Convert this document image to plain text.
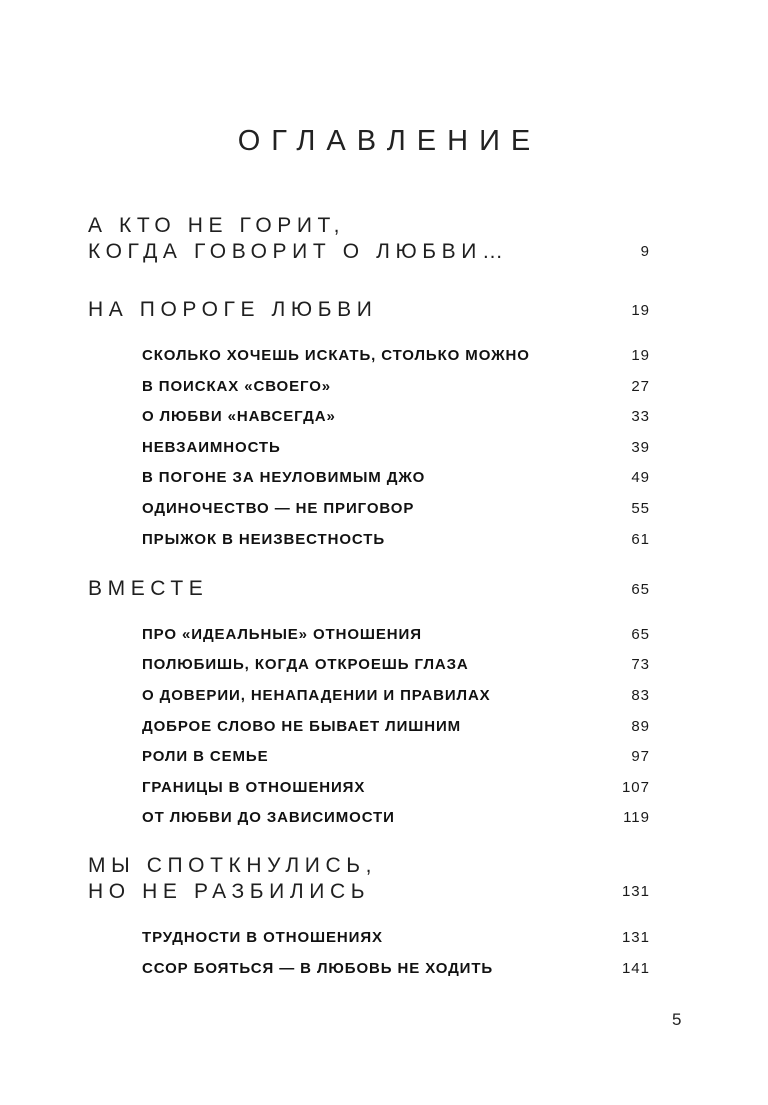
ОГЛАВЛЕНИЕ
А КТО НЕ ГОРИТ,
КОГДА ГОВОРИТ О ЛЮБВИ…	9
НА ПОРОГЕ ЛЮБВИ	19
СКОЛЬКО ХОЧЕШЬ ИСКАТЬ, СТОЛЬКО МОЖНО	19
В ПОИСКАХ «СВОЕГО»	27
О ЛЮБВИ «НАВСЕГДА»	33
НЕВЗАИМНОСТЬ	39
В ПОГОНЕ ЗА НЕУЛОВИМЫМ ДЖО	49
ОДИНОЧЕСТВО — НЕ ПРИГОВОР	55
ПРЫЖОК В НЕИЗВЕСТНОСТЬ	61
ВМЕСТЕ	65
ПРО «ИДЕАЛЬНЫЕ» ОТНОШЕНИЯ	65
ПОЛЮБИШЬ, КОГДА ОТКРОЕШЬ ГЛАЗА	73
О ДОВЕРИИ, НЕНАПАДЕНИИ И ПРАВИЛАХ	83
ДОБРОЕ СЛОВО НЕ БЫВАЕТ ЛИШНИМ	89
РОЛИ В СЕМЬЕ	97
ГРАНИЦЫ В ОТНОШЕНИЯХ	107
ОТ ЛЮБВИ ДО ЗАВИСИМОСТИ	119
МЫ СПОТКНУЛИСЬ,
НО НЕ РАЗБИЛИСЬ	131
ТРУДНОСТИ В ОТНОШЕНИЯХ	131
ССОР БОЯТЬСЯ — В ЛЮБОВЬ НЕ ХОДИТЬ	141
5
